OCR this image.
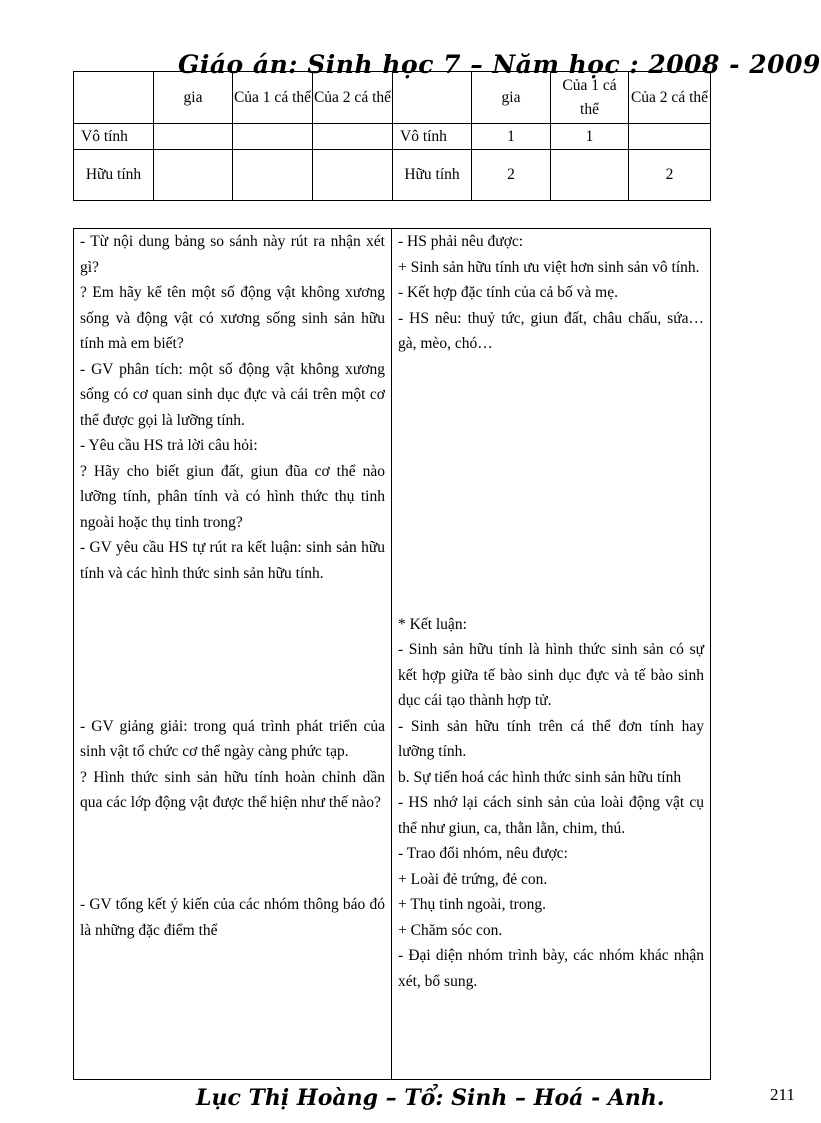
Giáo án: Sinh học 7 – Năm học : 2008 - 2009
	gia	Của 1 cá thể	Của 2 cá thể		gia	Của 1 cá thể	Của 2 cá thể
Vô tính				Vô tính	1	1	
Hữu tính				Hữu tính	2		2

- Từ nội dung bảng so sánh này rút ra nhận xét gì?

? Em hãy kể tên một số động vật không xương sống và động vật có xương sống sinh sản hữu tính mà em biết?

- GV phân tích: một số động vật không xương sống có cơ quan sinh dục đực và cái trên một cơ thể được gọi là lưỡng tính.

- Yêu cầu HS trả lời câu hỏi:

? Hãy cho biết giun đất, giun đũa cơ thể nào lưỡng tính, phân tính và có hình thức thụ tinh ngoài hoặc thụ tinh trong?

- GV yêu cầu HS tự rút ra kết luận: sinh sản hữu tính và các hình thức sinh sản hữu tính.

- GV giảng giải: trong quá trình phát triển của sinh vật tổ chức cơ thể ngày càng phức tạp.

? Hình thức sinh sản hữu tính hoàn chỉnh dần qua các lớp động vật được thể hiện như thế nào?

- GV tổng kết ý kiến của các nhóm thông báo đó là những đặc điểm thể

- HS phải nêu được:

+ Sinh sản hữu tính ưu việt hơn sinh sản vô tính.

- Kết hợp đặc tính của cả bố và mẹ.

- HS nêu: thuỷ tức, giun đất, châu chấu, sứa… gà, mèo, chó…

* Kết luận:

- Sinh sản hữu tính là hình thức sinh sản có sự kết hợp giữa tế bào sinh dục đực và tế bào sinh dục cái tạo thành hợp tử.

- Sinh sản hữu tính trên cá thể đơn tính hay lưỡng tính.

b. Sự tiến hoá các hình thức sinh sản hữu tính

- HS nhớ lại cách sinh sản của loài động vật cụ thể như giun, ca, thằn lằn, chim, thú.

- Trao đổi nhóm, nêu được:

+ Loài đẻ trứng, đẻ con.

+ Thụ tinh ngoài, trong.

+ Chăm sóc con.

- Đại diện nhóm trình bày, các nhóm khác nhận xét, bổ sung.

Lục Thị Hoàng – Tổ: Sinh – Hoá - Anh.	211
